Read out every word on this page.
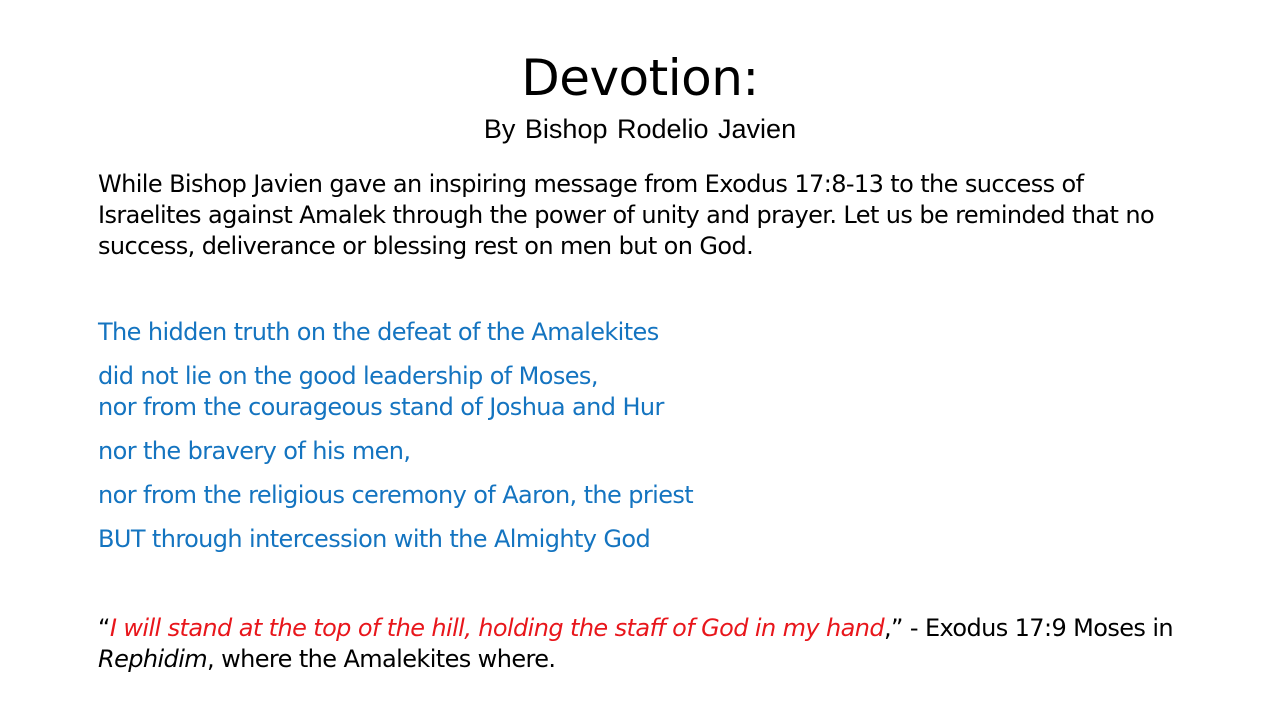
Devotion:
By Bishop Rodelio Javien
While Bishop Javien gave an inspiring message from Exodus 17:8-13 to the success of Israelites against Amalek through the power of unity and prayer. Let us be reminded that no success, deliverance or blessing rest on men but on God.
The hidden truth on the defeat of the Amalekites
did not lie on the good leadership of Moses,
nor from the courageous stand of Joshua and Hur
nor the bravery of his men,
nor from the religious ceremony of Aaron, the priest
BUT through intercession with the Almighty God
“I will stand at the top of the hill, holding the staff of God in my hand,” - Exodus 17:9 Moses in Rephidim, where the Amalekites where.
